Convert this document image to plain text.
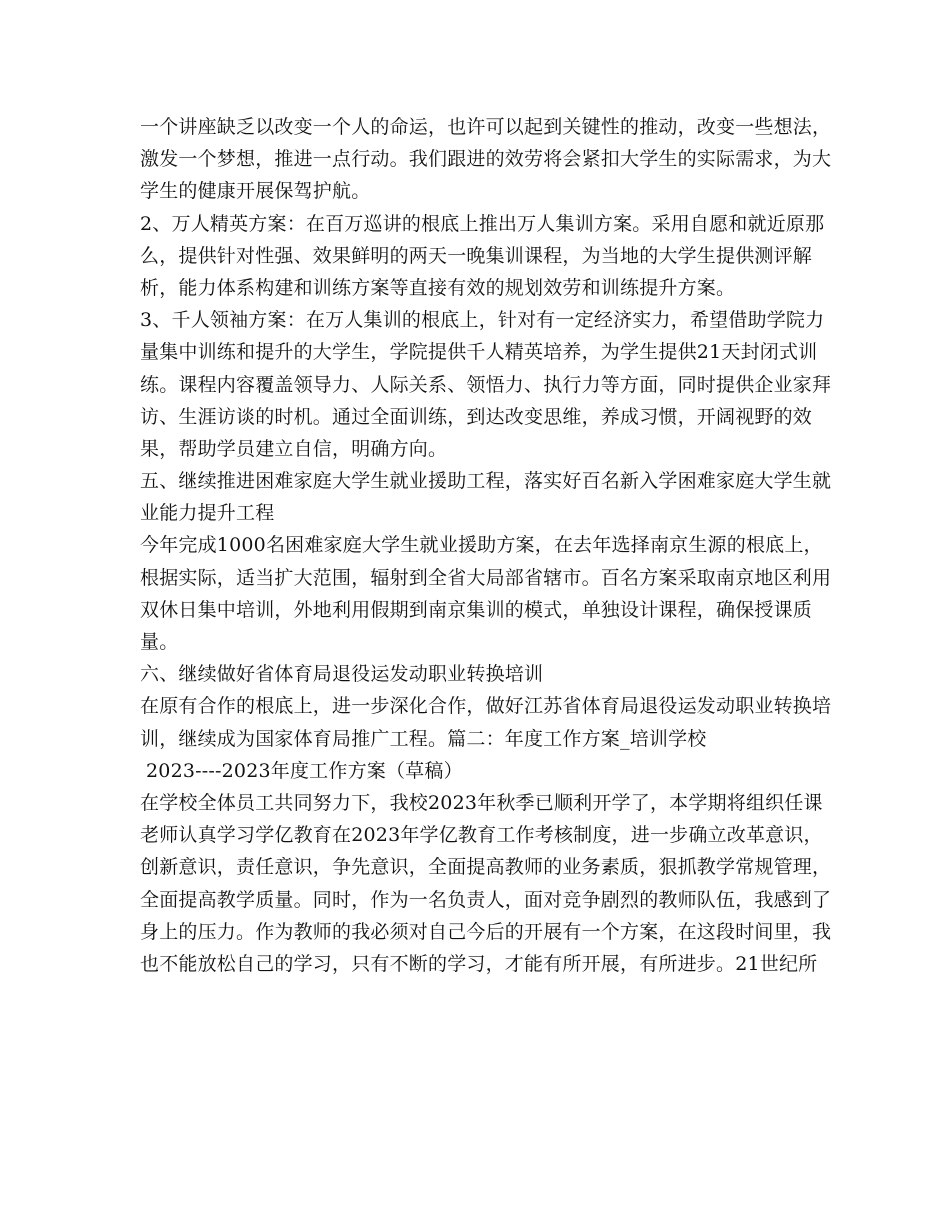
一个讲座缺乏以改变一个人的命运，也许可以起到关键性的推动，改变一些想法，
激发一个梦想，推进一点行动。我们跟进的效劳将会紧扣大学生的实际需求，为大
学生的健康开展保驾护航。
2、万人精英方案：在百万巡讲的根底上推出万人集训方案。采用自愿和就近原那
么，提供针对性强、效果鲜明的两天一晚集训课程，为当地的大学生提供测评解
析，能力体系构建和训练方案等直接有效的规划效劳和训练提升方案。
3、千人领袖方案：在万人集训的根底上，针对有一定经济实力，希望借助学院力
量集中训练和提升的大学生，学院提供千人精英培养，为学生提供21天封闭式训
练。课程内容覆盖领导力、人际关系、领悟力、执行力等方面，同时提供企业家拜
访、生涯访谈的时机。通过全面训练，到达改变思维，养成习惯，开阔视野的效
果，帮助学员建立自信，明确方向。
五、继续推进困难家庭大学生就业援助工程，落实好百名新入学困难家庭大学生就
业能力提升工程
今年完成1000名困难家庭大学生就业援助方案，在去年选择南京生源的根底上，
根据实际，适当扩大范围，辐射到全省大局部省辖市。百名方案采取南京地区利用
双休日集中培训，外地利用假期到南京集训的模式，单独设计课程，确保授课质
量。
六、继续做好省体育局退役运发动职业转换培训
在原有合作的根底上，进一步深化合作，做好江苏省体育局退役运发动职业转换培
训，继续成为国家体育局推广工程。篇二：年度工作方案_培训学校
2023----2023年度工作方案（草稿）
在学校全体员工共同努力下，我校2023年秋季已顺利开学了，本学期将组织任课
老师认真学习学亿教育在2023年学亿教育工作考核制度，进一步确立改革意识，
创新意识，责任意识，争先意识，全面提高教师的业务素质，狠抓教学常规管理，
全面提高教学质量。同时，作为一名负责人，面对竞争剧烈的教师队伍，我感到了
身上的压力。作为教师的我必须对自己今后的开展有一个方案，在这段时间里，我
也不能放松自己的学习，只有不断的学习，才能有所开展，有所进步。21世纪所
